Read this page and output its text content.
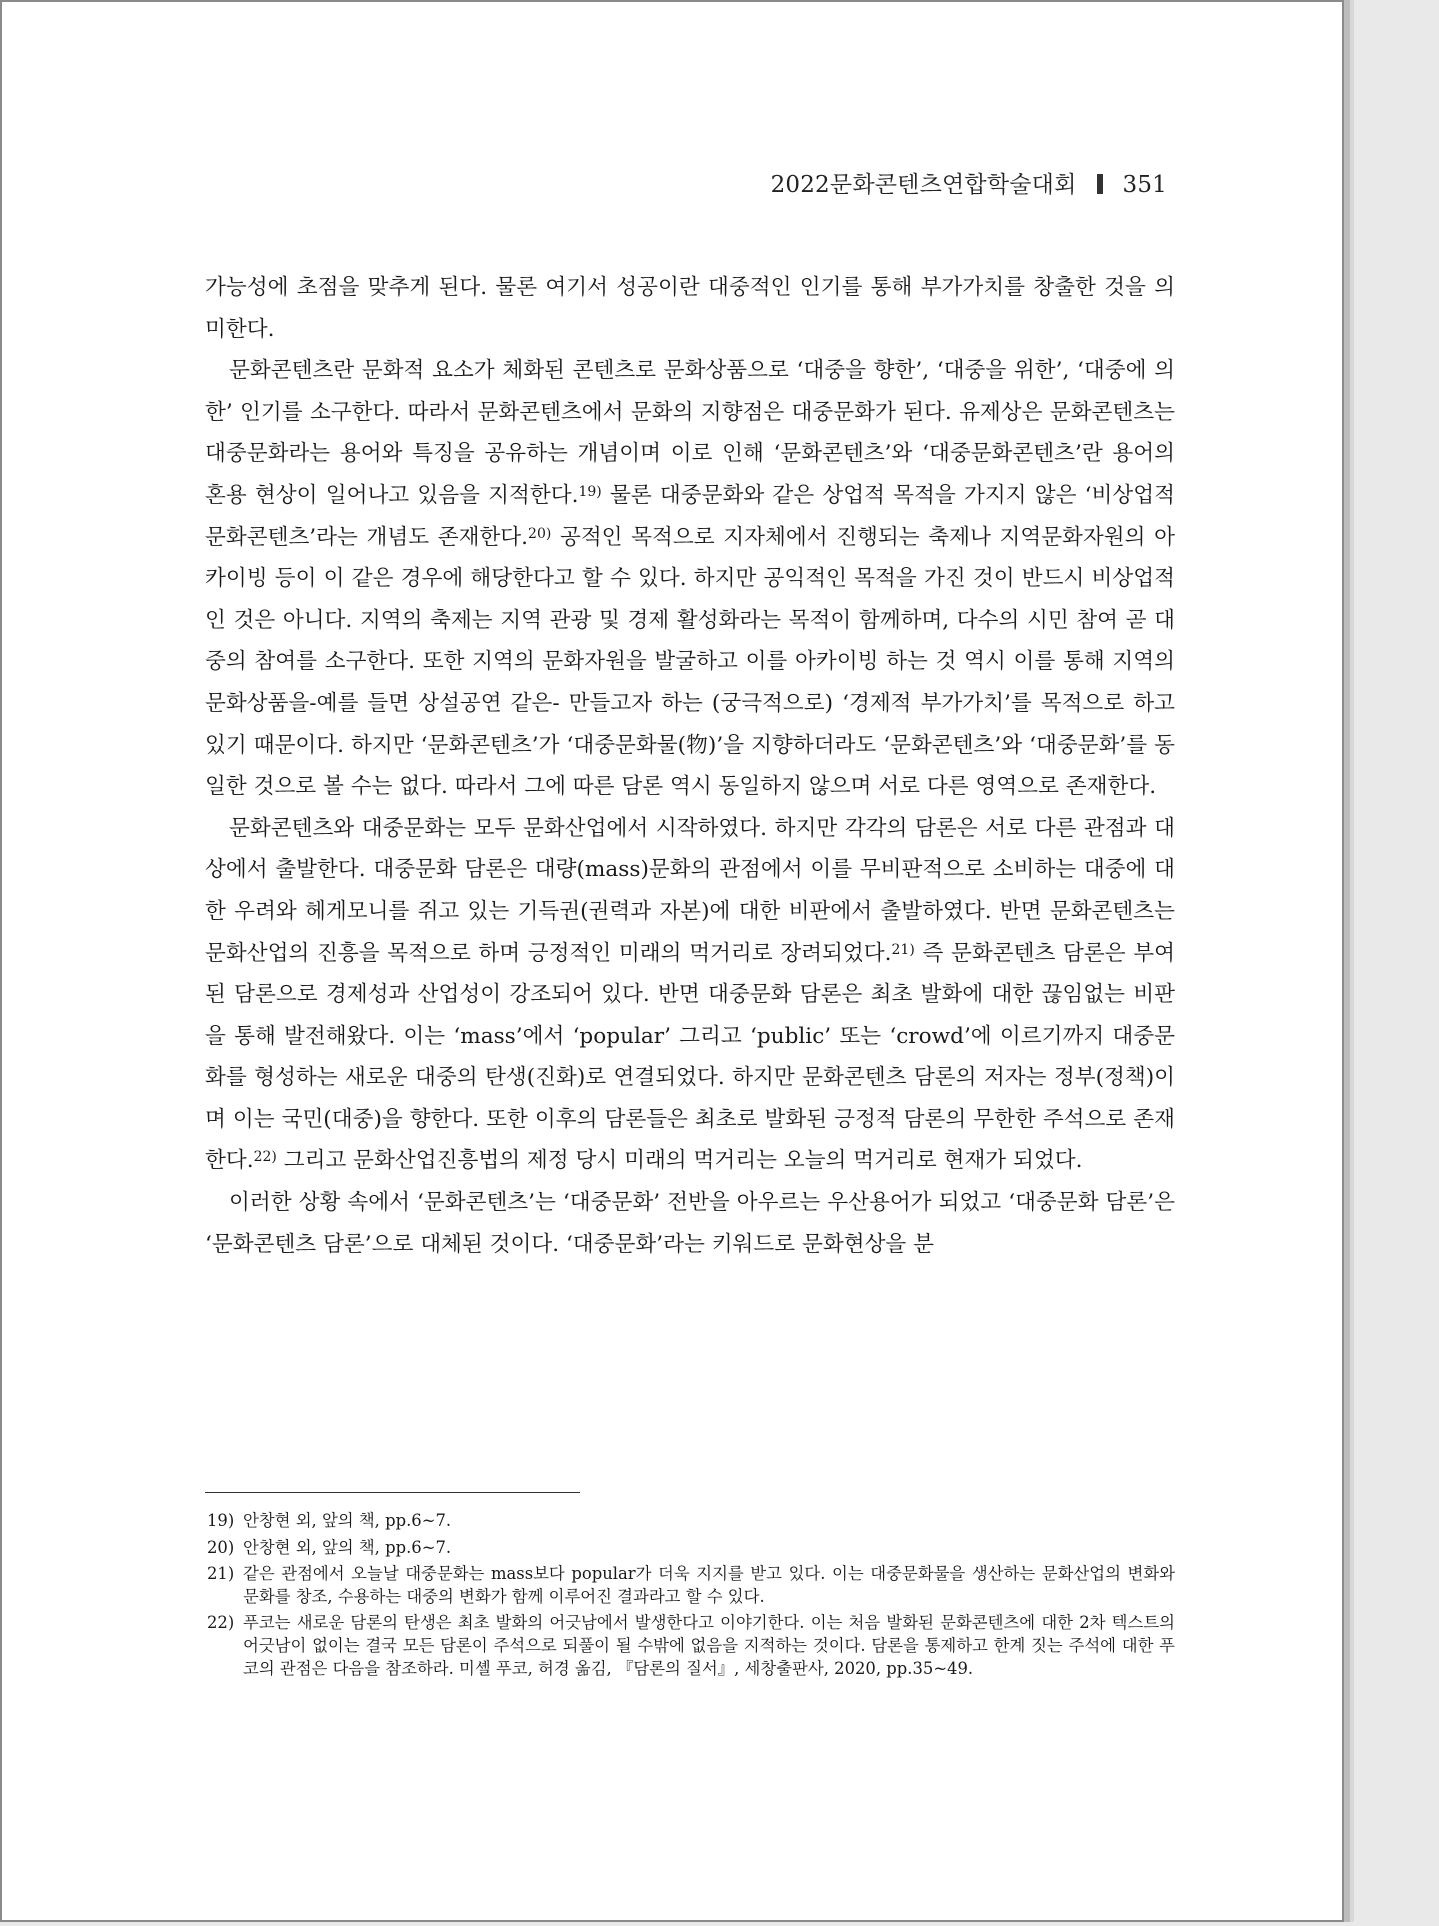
2022문화콘텐츠연합학술대회 351

가능성에 초점을 맞추게 된다. 물론 여기서 성공이란 대중적인 인기를 통해 부가가치를 창출한 것을 의미한다.

문화콘텐츠란 문화적 요소가 체화된 콘텐츠로 문화상품으로 ‘대중을 향한’, ‘대중을 위한’, ‘대중에 의한’ 인기를 소구한다. 따라서 문화콘텐츠에서 문화의 지향점은 대중문화가 된다. 유제상은 문화콘텐츠는 대중문화라는 용어와 특징을 공유하는 개념이며 이로 인해 ‘문화콘텐츠’와 ‘대중문화콘텐츠’란 용어의 혼용 현상이 일어나고 있음을 지적한다.$^{19)}$ 물론 대중문화와 같은 상업적 목적을 가지지 않은 ‘비상업적 문화콘텐츠’라는 개념도 존재한다.$^{20)}$ 공적인 목적으로 지자체에서 진행되는 축제나 지역문화자원의 아카이빙 등이 이 같은 경우에 해당한다고 할 수 있다. 하지만 공익적인 목적을 가진 것이 반드시 비상업적인 것은 아니다. 지역의 축제는 지역 관광 및 경제 활성화라는 목적이 함께하며, 다수의 시민 참여 곧 대중의 참여를 소구한다. 또한 지역의 문화자원을 발굴하고 이를 아카이빙 하는 것 역시 이를 통해 지역의 문화상품을-예를 들면 상설공연 같은- 만들고자 하는 (궁극적으로) ‘경제적 부가가치’를 목적으로 하고 있기 때문이다. 하지만 ‘문화콘텐츠’가 ‘대중문화물(物)’을 지향하더라도 ‘문화콘텐츠’와 ‘대중문화’를 동일한 것으로 볼 수는 없다. 따라서 그에 따른 담론 역시 동일하지 않으며 서로 다른 영역으로 존재한다.

문화콘텐츠와 대중문화는 모두 문화산업에서 시작하였다. 하지만 각각의 담론은 서로 다른 관점과 대상에서 출발한다. 대중문화 담론은 대량(mass)문화의 관점에서 이를 무비판적으로 소비하는 대중에 대한 우려와 헤게모니를 쥐고 있는 기득권(권력과 자본)에 대한 비판에서 출발하였다. 반면 문화콘텐츠는 문화산업의 진흥을 목적으로 하며 긍정적인 미래의 먹거리로 장려되었다.$^{21)}$ 즉 문화콘텐츠 담론은 부여된 담론으로 경제성과 산업성이 강조되어 있다. 반면 대중문화 담론은 최초 발화에 대한 끊임없는 비판을 통해 발전해왔다. 이는 ‘mass’에서 ‘popular’ 그리고 ‘public’ 또는 ‘crowd’에 이르기까지 대중문화를 형성하는 새로운 대중의 탄생(진화)로 연결되었다. 하지만 문화콘텐츠 담론의 저자는 정부(정책)이며 이는 국민(대중)을 향한다. 또한 이후의 담론들은 최초로 발화된 긍정적 담론의 무한한 주석으로 존재한다.$^{22)}$ 그리고 문화산업진흥법의 제정 당시 미래의 먹거리는 오늘의 먹거리로 현재가 되었다.

이러한 상황 속에서 ‘문화콘텐츠’는 ‘대중문화’ 전반을 아우르는 우산용어가 되었고 ‘대중문화 담론’은 ‘문화콘텐츠 담론’으로 대체된 것이다. ‘대중문화’라는 키워드로 문화현상을 분

19) 안창현 외, 앞의 책, pp.6~7.
20) 안창현 외, 앞의 책, pp.6~7.
21) 같은 관점에서 오늘날 대중문화는 mass보다 popular가 더욱 지지를 받고 있다. 이는 대중문화물을 생산하는 문화산업의 변화와 문화를 창조, 수용하는 대중의 변화가 함께 이루어진 결과라고 할 수 있다.
22) 푸코는 새로운 담론의 탄생은 최초 발화의 어긋남에서 발생한다고 이야기한다. 이는 처음 발화된 문화콘텐츠에 대한 2차 텍스트의 어긋남이 없이는 결국 모든 담론이 주석으로 되풀이 될 수밖에 없음을 지적하는 것이다. 담론을 통제하고 한계 짓는 주석에 대한 푸코의 관점은 다음을 참조하라. 미셸 푸코, 허경 옮김, 『담론의 질서』, 세창출판사, 2020, pp.35~49.
